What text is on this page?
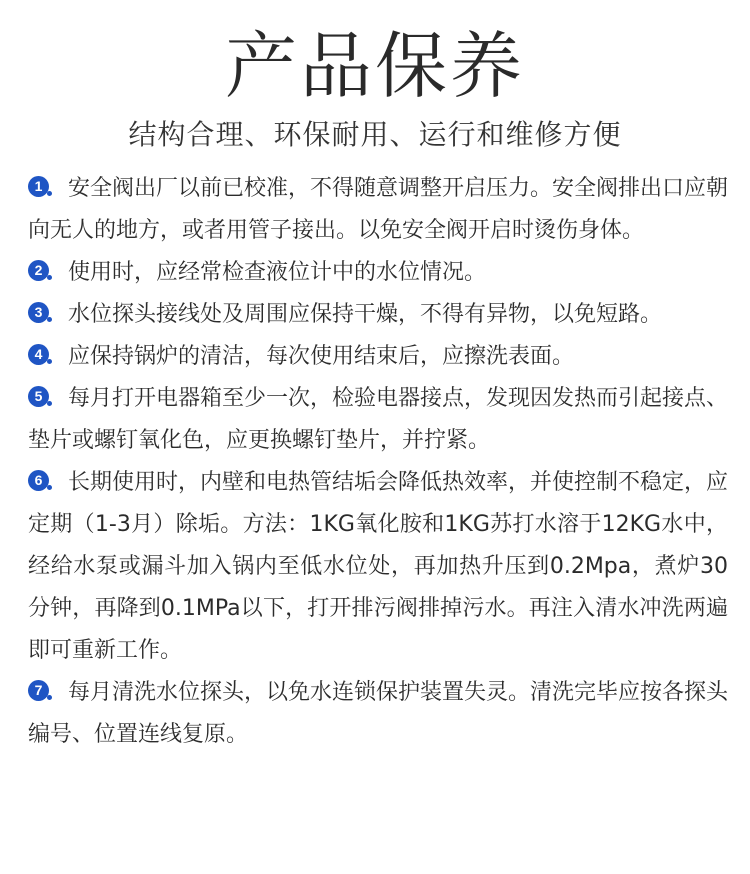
产品保养
结构合理、环保耐用、运行和维修方便
1	安全阀出厂以前已校准，不得随意调整开启压力。安全阀排出口应朝向无人的地方，或者用管子接出。以免安全阀开启时烫伤身体。
2	使用时，应经常检查液位计中的水位情况。
3	水位探头接线处及周围应保持干燥，不得有异物，以免短路。
4	应保持锅炉的清洁，每次使用结束后，应擦洗表面。
5	每月打开电器箱至少一次，检验电器接点，发现因发热而引起接点、垫片或螺钉氧化色，应更换螺钉垫片，并拧紧。
6	长期使用时，内壁和电热管结垢会降低热效率，并使控制不稳定，应定期（1-3月）除垢。方法：1KG氧化胺和1KG苏打水溶于12KG水中，经给水泵或漏斗加入锅内至低水位处，再加热升压到0.2Mpa，煮炉30分钟，再降到0.1MPa以下，打开排污阀排掉污水。再注入清水冲洗两遍即可重新工作。
7	每月清洗水位探头，以免水连锁保护装置失灵。清洗完毕应按各探头编号、位置连线复原。
